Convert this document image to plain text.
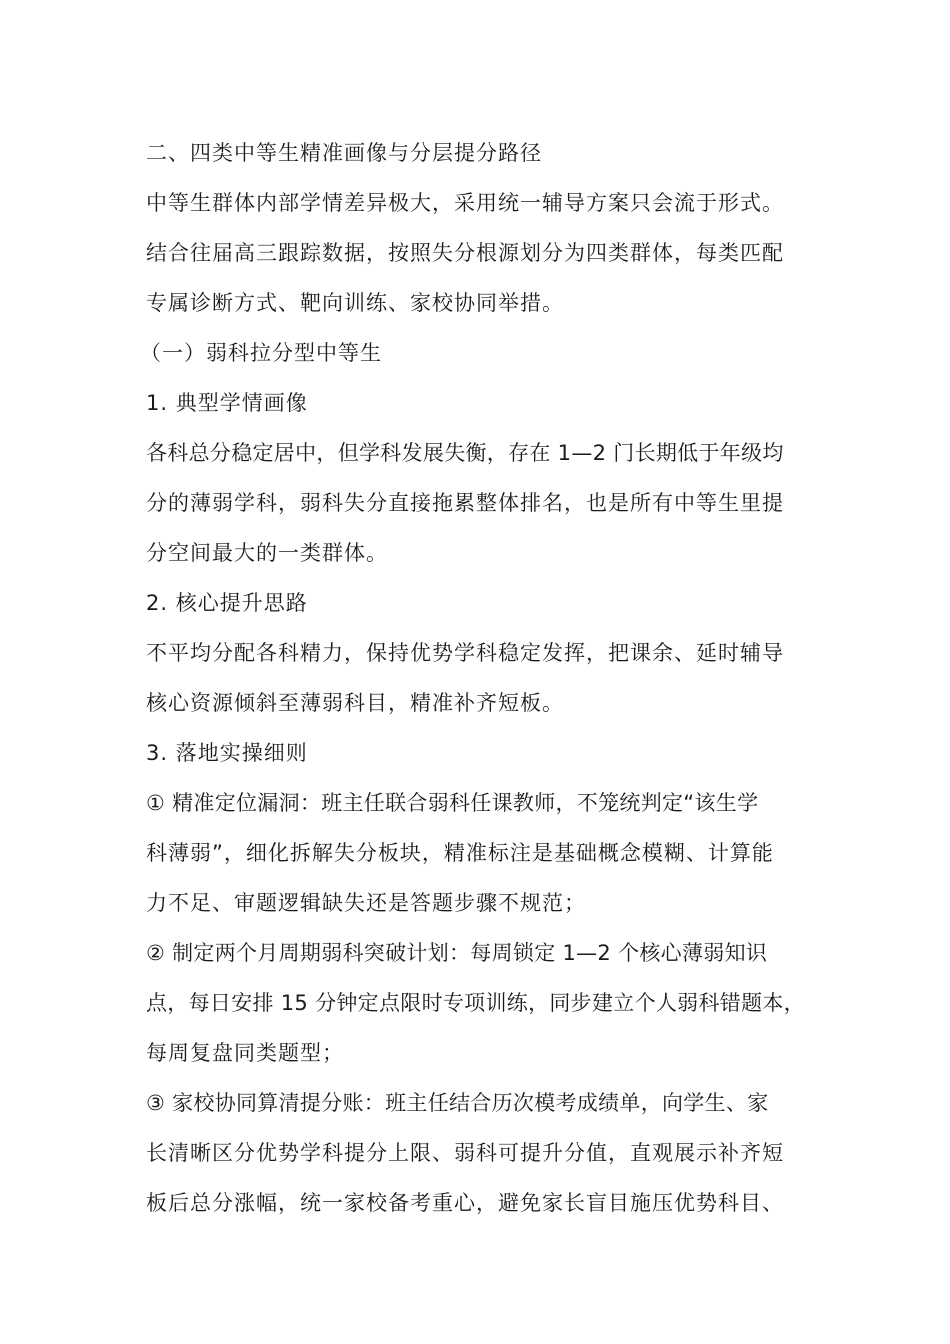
二、四类中等生精准画像与分层提分路径
中等生群体内部学情差异极大，采用统一辅导方案只会流于形式。
结合往届高三跟踪数据，按照失分根源划分为四类群体，每类匹配
专属诊断方式、靶向训练、家校协同举措。
（一）弱科拉分型中等生
1. 典型学情画像
各科总分稳定居中，但学科发展失衡，存在 1—2 门长期低于年级均
分的薄弱学科，弱科失分直接拖累整体排名，也是所有中等生里提
分空间最大的一类群体。
2. 核心提升思路
不平均分配各科精力，保持优势学科稳定发挥，把课余、延时辅导
核心资源倾斜至薄弱科目，精准补齐短板。
3. 落地实操细则
① 精准定位漏洞：班主任联合弱科任课教师，不笼统判定“该生学
科薄弱”，细化拆解失分板块，精准标注是基础概念模糊、计算能
力不足、审题逻辑缺失还是答题步骤不规范；
② 制定两个月周期弱科突破计划：每周锁定 1—2 个核心薄弱知识
点，每日安排 15 分钟定点限时专项训练，同步建立个人弱科错题本，
每周复盘同类题型；
③ 家校协同算清提分账：班主任结合历次模考成绩单，向学生、家
长清晰区分优势学科提分上限、弱科可提升分值，直观展示补齐短
板后总分涨幅，统一家校备考重心，避免家长盲目施压优势科目、
